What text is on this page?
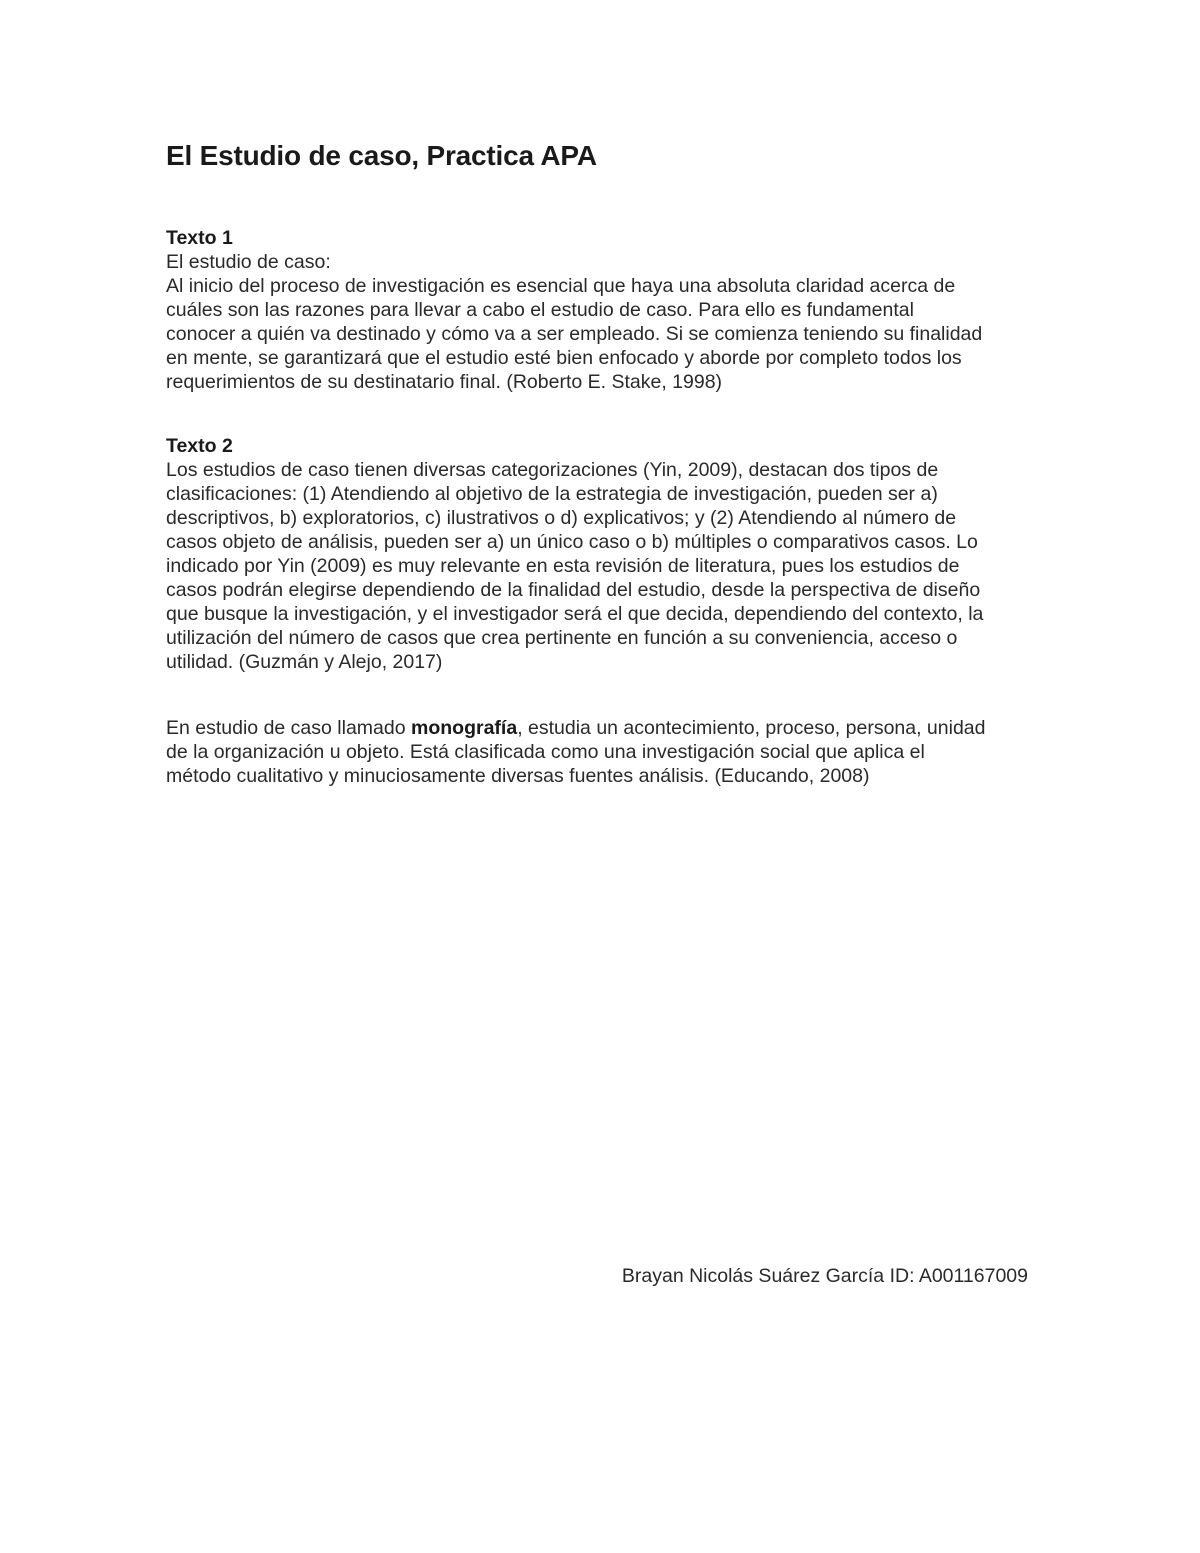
El Estudio de caso, Practica APA
Texto 1
El estudio de caso:
Al inicio del proceso de investigación es esencial que haya una absoluta claridad acerca de
cuáles son las razones para llevar a cabo el estudio de caso. Para ello es fundamental
conocer a quién va destinado y cómo va a ser empleado. Si se comienza teniendo su finalidad
en mente, se garantizará que el estudio esté bien enfocado y aborde por completo todos los
requerimientos de su destinatario final. (Roberto E. Stake, 1998)
Texto 2
Los estudios de caso tienen diversas categorizaciones (Yin, 2009), destacan dos tipos de
clasificaciones: (1) Atendiendo al objetivo de la estrategia de investigación, pueden ser a)
descriptivos, b) exploratorios, c) ilustrativos o d) explicativos; y (2) Atendiendo al número de
casos objeto de análisis, pueden ser a) un único caso o b) múltiples o comparativos casos. Lo
indicado por Yin (2009) es muy relevante en esta revisión de literatura, pues los estudios de
casos podrán elegirse dependiendo de la finalidad del estudio, desde la perspectiva de diseño
que busque la investigación, y el investigador será el que decida, dependiendo del contexto, la
utilización del número de casos que crea pertinente en función a su conveniencia, acceso o
utilidad. (Guzmán y Alejo, 2017)
En estudio de caso llamado monografía, estudia un acontecimiento, proceso, persona, unidad
de la organización u objeto. Está clasificada como una investigación social que aplica el
método cualitativo y minuciosamente diversas fuentes análisis. (Educando, 2008)
Brayan Nicolás Suárez García ID: A001167009
